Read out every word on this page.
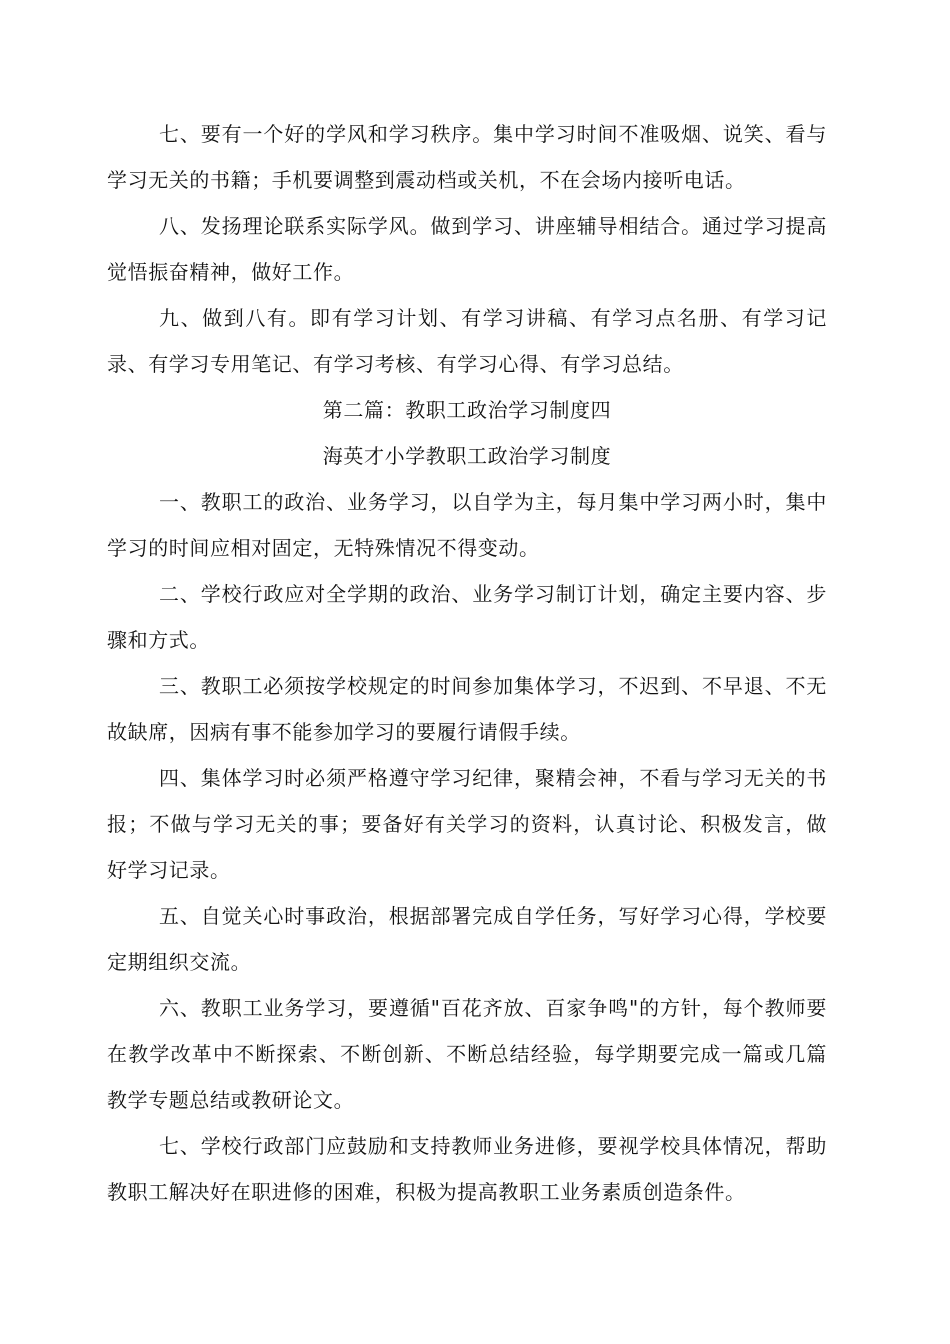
七、要有一个好的学风和学习秩序。集中学习时间不准吸烟、说笑、看与学习无关的书籍；手机要调整到震动档或关机，不在会场内接听电话。

八、发扬理论联系实际学风。做到学习、讲座辅导相结合。通过学习提高觉悟振奋精神，做好工作。

九、做到八有。即有学习计划、有学习讲稿、有学习点名册、有学习记录、有学习专用笔记、有学习考核、有学习心得、有学习总结。

第二篇：教职工政治学习制度四

海英才小学教职工政治学习制度

一、教职工的政治、业务学习，以自学为主，每月集中学习两小时，集中学习的时间应相对固定，无特殊情况不得变动。

二、学校行政应对全学期的政治、业务学习制订计划，确定主要内容、步骤和方式。

三、教职工必须按学校规定的时间参加集体学习，不迟到、不早退、不无故缺席，因病有事不能参加学习的要履行请假手续。

四、集体学习时必须严格遵守学习纪律，聚精会神，不看与学习无关的书报；不做与学习无关的事；要备好有关学习的资料，认真讨论、积极发言，做好学习记录。

五、自觉关心时事政治，根据部署完成自学任务，写好学习心得，学校要定期组织交流。

六、教职工业务学习，要遵循"百花齐放、百家争鸣"的方针，每个教师要在教学改革中不断探索、不断创新、不断总结经验，每学期要完成一篇或几篇教学专题总结或教研论文。

七、学校行政部门应鼓励和支持教师业务进修，要视学校具体情况，帮助教职工解决好在职进修的困难，积极为提高教职工业务素质创造条件。
